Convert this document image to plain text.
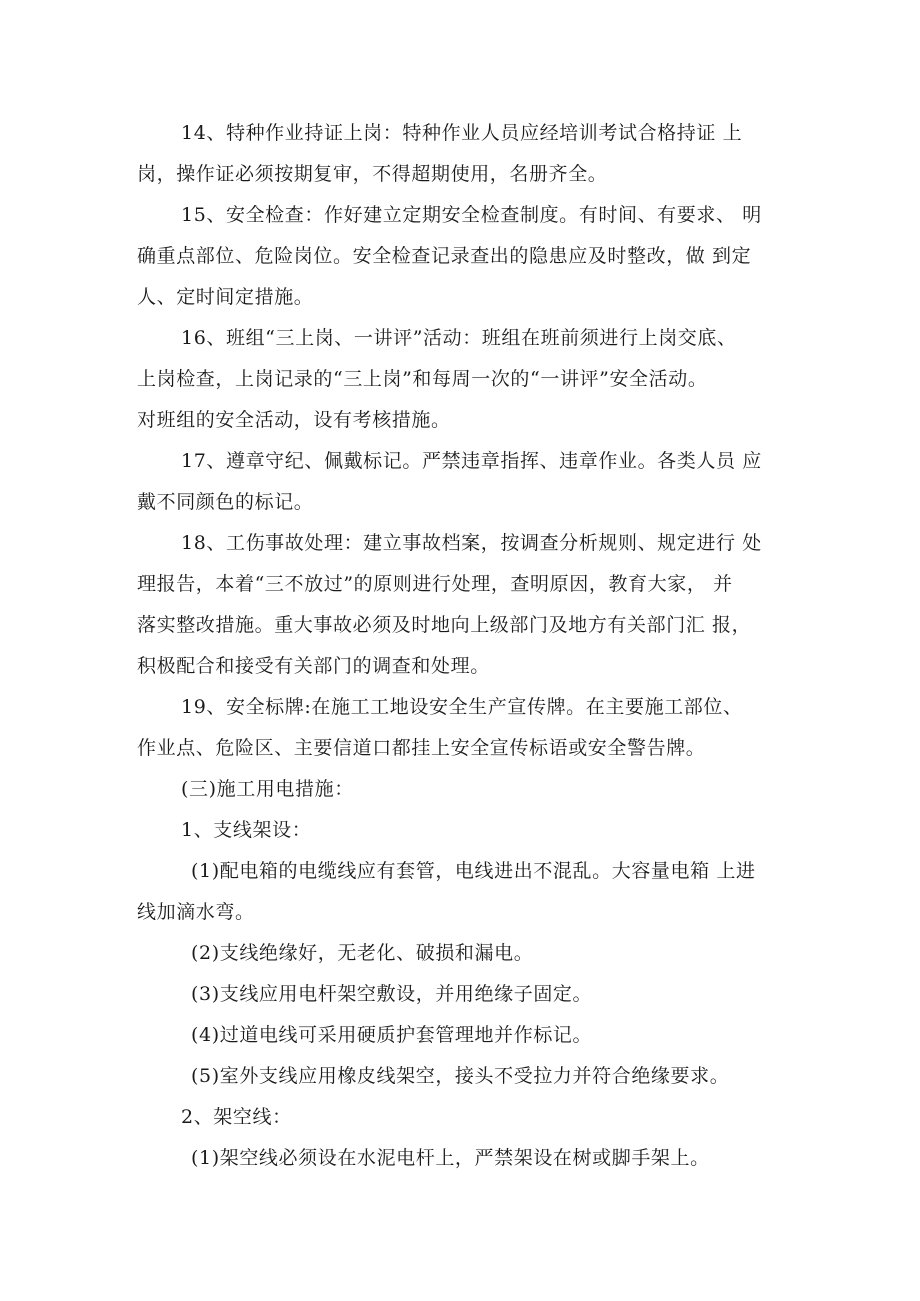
14、特种作业持证上岗：特种作业人员应经培训考试合格持证 上
岗，操作证必须按期复审，不得超期使用，名册齐全。
15、安全检查：作好建立定期安全检查制度。有时间、有要求、 明
确重点部位、危险岗位。安全检查记录查出的隐患应及时整改，做 到定
人、定时间定措施。
16、班组“三上岗、一讲评”活动：班组在班前须进行上岗交底、
上岗检查，上岗记录的“三上岗”和每周一次的“一讲评”安全活动。
对班组的安全活动，设有考核措施。
17、遵章守纪、佩戴标记。严禁违章指挥、违章作业。各类人员 应
戴不同颜色的标记。
18、工伤事故处理：建立事故档案，按调查分析规则、规定进行 处
理报告，本着“三不放过”的原则进行处理，查明原因，教育大家， 并
落实整改措施。重大事故必须及时地向上级部门及地方有关部门汇 报，
积极配合和接受有关部门的调查和处理。
19、安全标牌:在施工工地设安全生产宣传牌。在主要施工部位、
作业点、危险区、主要信道口都挂上安全宣传标语或安全警告牌。
(三)施工用电措施：
1、支线架设：
(1)配电箱的电缆线应有套管，电线进出不混乱。大容量电箱 上进
线加滴水弯。
(2)支线绝缘好，无老化、破损和漏电。
(3)支线应用电杆架空敷设，并用绝缘子固定。
(4)过道电线可采用硬质护套管理地并作标记。
(5)室外支线应用橡皮线架空，接头不受拉力并符合绝缘要求。
2、架空线：
(1)架空线必须设在水泥电杆上，严禁架设在树或脚手架上。
